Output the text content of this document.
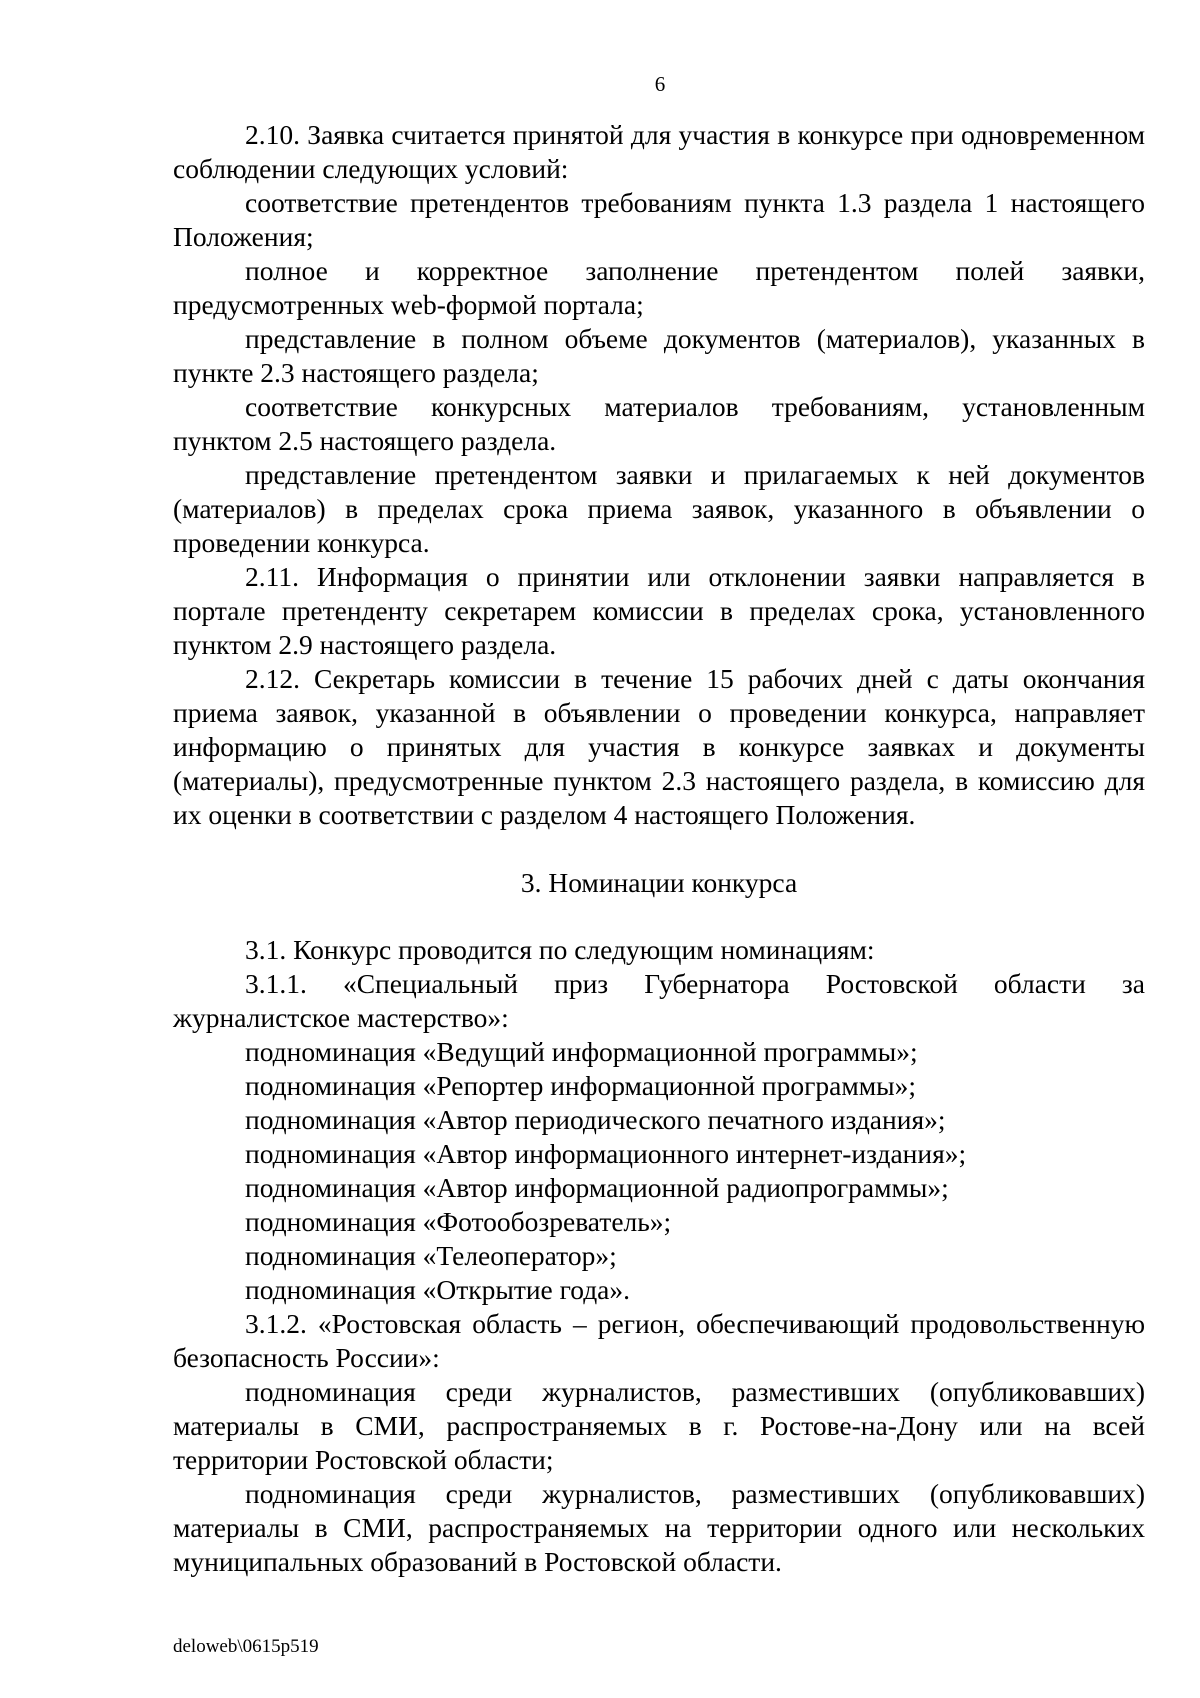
6

2.10. Заявка считается принятой для участия в конкурсе при одновременном соблюдении следующих условий:

соответствие претендентов требованиям пункта 1.3 раздела 1 настоящего Положения;

полное и корректное заполнение претендентом полей заявки, предусмотренных web-формой портала;

представление в полном объеме документов (материалов), указанных в пункте 2.3 настоящего раздела;

соответствие конкурсных материалов требованиям, установленным пунктом 2.5 настоящего раздела.

представление претендентом заявки и прилагаемых к ней документов (материалов) в пределах срока приема заявок, указанного в объявлении о проведении конкурса.

2.11. Информация о принятии или отклонении заявки направляется в портале претенденту секретарем комиссии в пределах срока, установленного пунктом 2.9 настоящего раздела.

2.12. Секретарь комиссии в течение 15 рабочих дней с даты окончания приема заявок, указанной в объявлении о проведении конкурса, направляет информацию о принятых для участия в конкурсе заявках и документы (материалы), предусмотренные пунктом 2.3 настоящего раздела, в комиссию для их оценки в соответствии с разделом 4 настоящего Положения.

3. Номинации конкурса

3.1. Конкурс проводится по следующим номинациям:

3.1.1. «Специальный приз Губернатора Ростовской области за журналистское мастерство»:

подноминация «Ведущий информационной программы»;

подноминация «Репортер информационной программы»;

подноминация «Автор периодического печатного издания»;

подноминация «Автор информационного интернет-издания»;

подноминация «Автор информационной радиопрограммы»;

подноминация «Фотообозреватель»;

подноминация «Телеоператор»;

подноминация «Открытие года».

3.1.2. «Ростовская область – регион, обеспечивающий продовольственную безопасность России»:

подноминация среди журналистов, разместивших (опубликовавших) материалы в СМИ, распространяемых в г. Ростове-на-Дону или на всей территории Ростовской области;

подноминация среди журналистов, разместивших (опубликовавших) материалы в СМИ, распространяемых на территории одного или нескольких муниципальных образований в Ростовской области.

deloweb\0615p519
